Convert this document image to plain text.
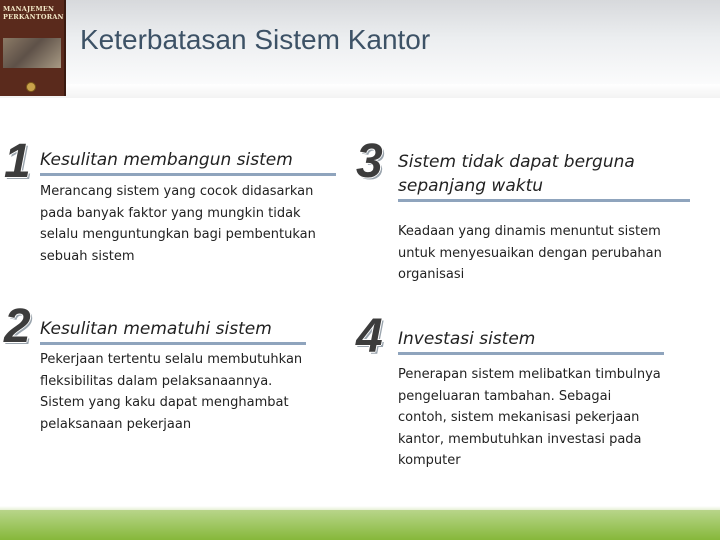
MANAJEMEN
PERKANTORAN
Keterbatasan Sistem Kantor
1 Kesulitan membangun sistem

Merancang sistem yang cocok didasarkan pada banyak faktor yang mungkin tidak selalu menguntungkan bagi pembentukan sebuah sistem

2 Kesulitan mematuhi sistem

Pekerjaan tertentu selalu membutuhkan fleksibilitas dalam pelaksanaannya. Sistem yang kaku dapat menghambat pelaksanaan pekerjaan

3 Sistem tidak dapat berguna sepanjang waktu

Keadaan yang dinamis menuntut sistem untuk menyesuaikan dengan perubahan organisasi

4 Investasi sistem

Penerapan sistem melibatkan timbulnya pengeluaran tambahan. Sebagai contoh, sistem mekanisasi pekerjaan kantor, membutuhkan investasi pada komputer
